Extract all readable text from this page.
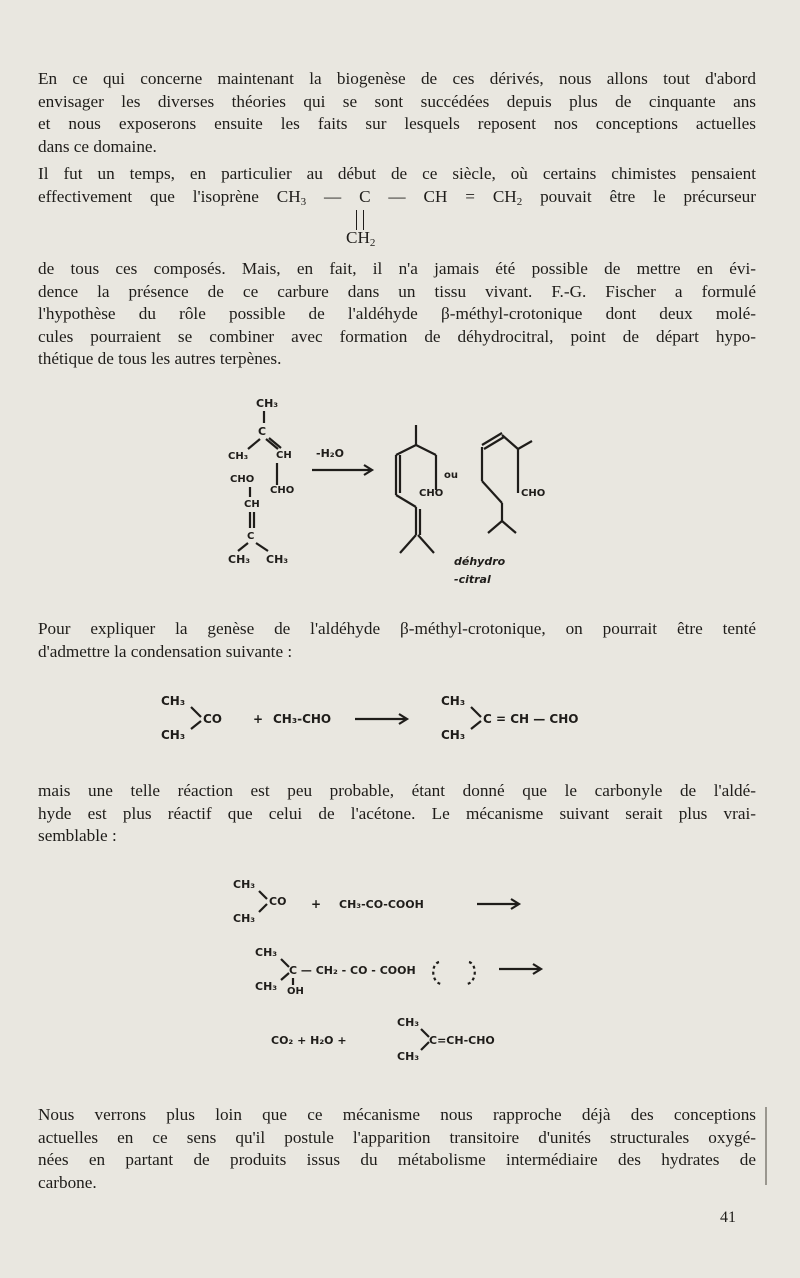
En ce qui concerne maintenant la biogenèse de ces dérivés, nous allons tout d'abord
envisager les diverses théories qui se sont succédées depuis plus de cinquante ans
et nous exposerons ensuite les faits sur lesquels reposent nos conceptions actuelles
dans ce domaine.
Il fut un temps, en particulier au début de ce siècle, où certains chimistes pensaient
effectivement que l'isoprène $CH_3$ — C — CH = $CH_2$ pouvait être le précurseur
$CH_2$
de tous ces composés. Mais, en fait, il n'a jamais été possible de mettre en évi-
dence la présence de ce carbure dans un tissu vivant. F.-G. Fischer a formulé
l'hypothèse du rôle possible de l'aldéhyde β-méthyl-crotonique dont deux molé-
cules pourraient se combiner avec formation de déhydrocitral, point de départ hypo-
thétique de tous les autres terpènes.
CH₃
C
CH₃	CH
CHO
CHO
CH
C
CH₃ CH₃
-H₂O
CHO
ou
CHO
déhydro
-citral
Pour expliquer la genèse de l'aldéhyde β-méthyl-crotonique, on pourrait être tenté
d'admettre la condensation suivante :
CH₃
CH₃
CO	+ CH₃-CHO
CH₃
CH₃
C = CH — CHO
mais une telle réaction est peu probable, étant donné que le carbonyle de l'aldé-
hyde est plus réactif que celui de l'acétone. Le mécanisme suivant serait plus vrai-
semblable :
CH₃
CH₃
CO + CH₃-CO-COOH
CH₃
CH₃
C — CH₂ - CO - COOH
OH
CH₃
CH₃
CO₂ + H₂O +	C=CH-CHO
Nous verrons plus loin que ce mécanisme nous rapproche déjà des conceptions
actuelles en ce sens qu'il postule l'apparition transitoire d'unités structurales oxygé-
nées en partant de produits issus du métabolisme intermédiaire des hydrates de
carbone.
41
